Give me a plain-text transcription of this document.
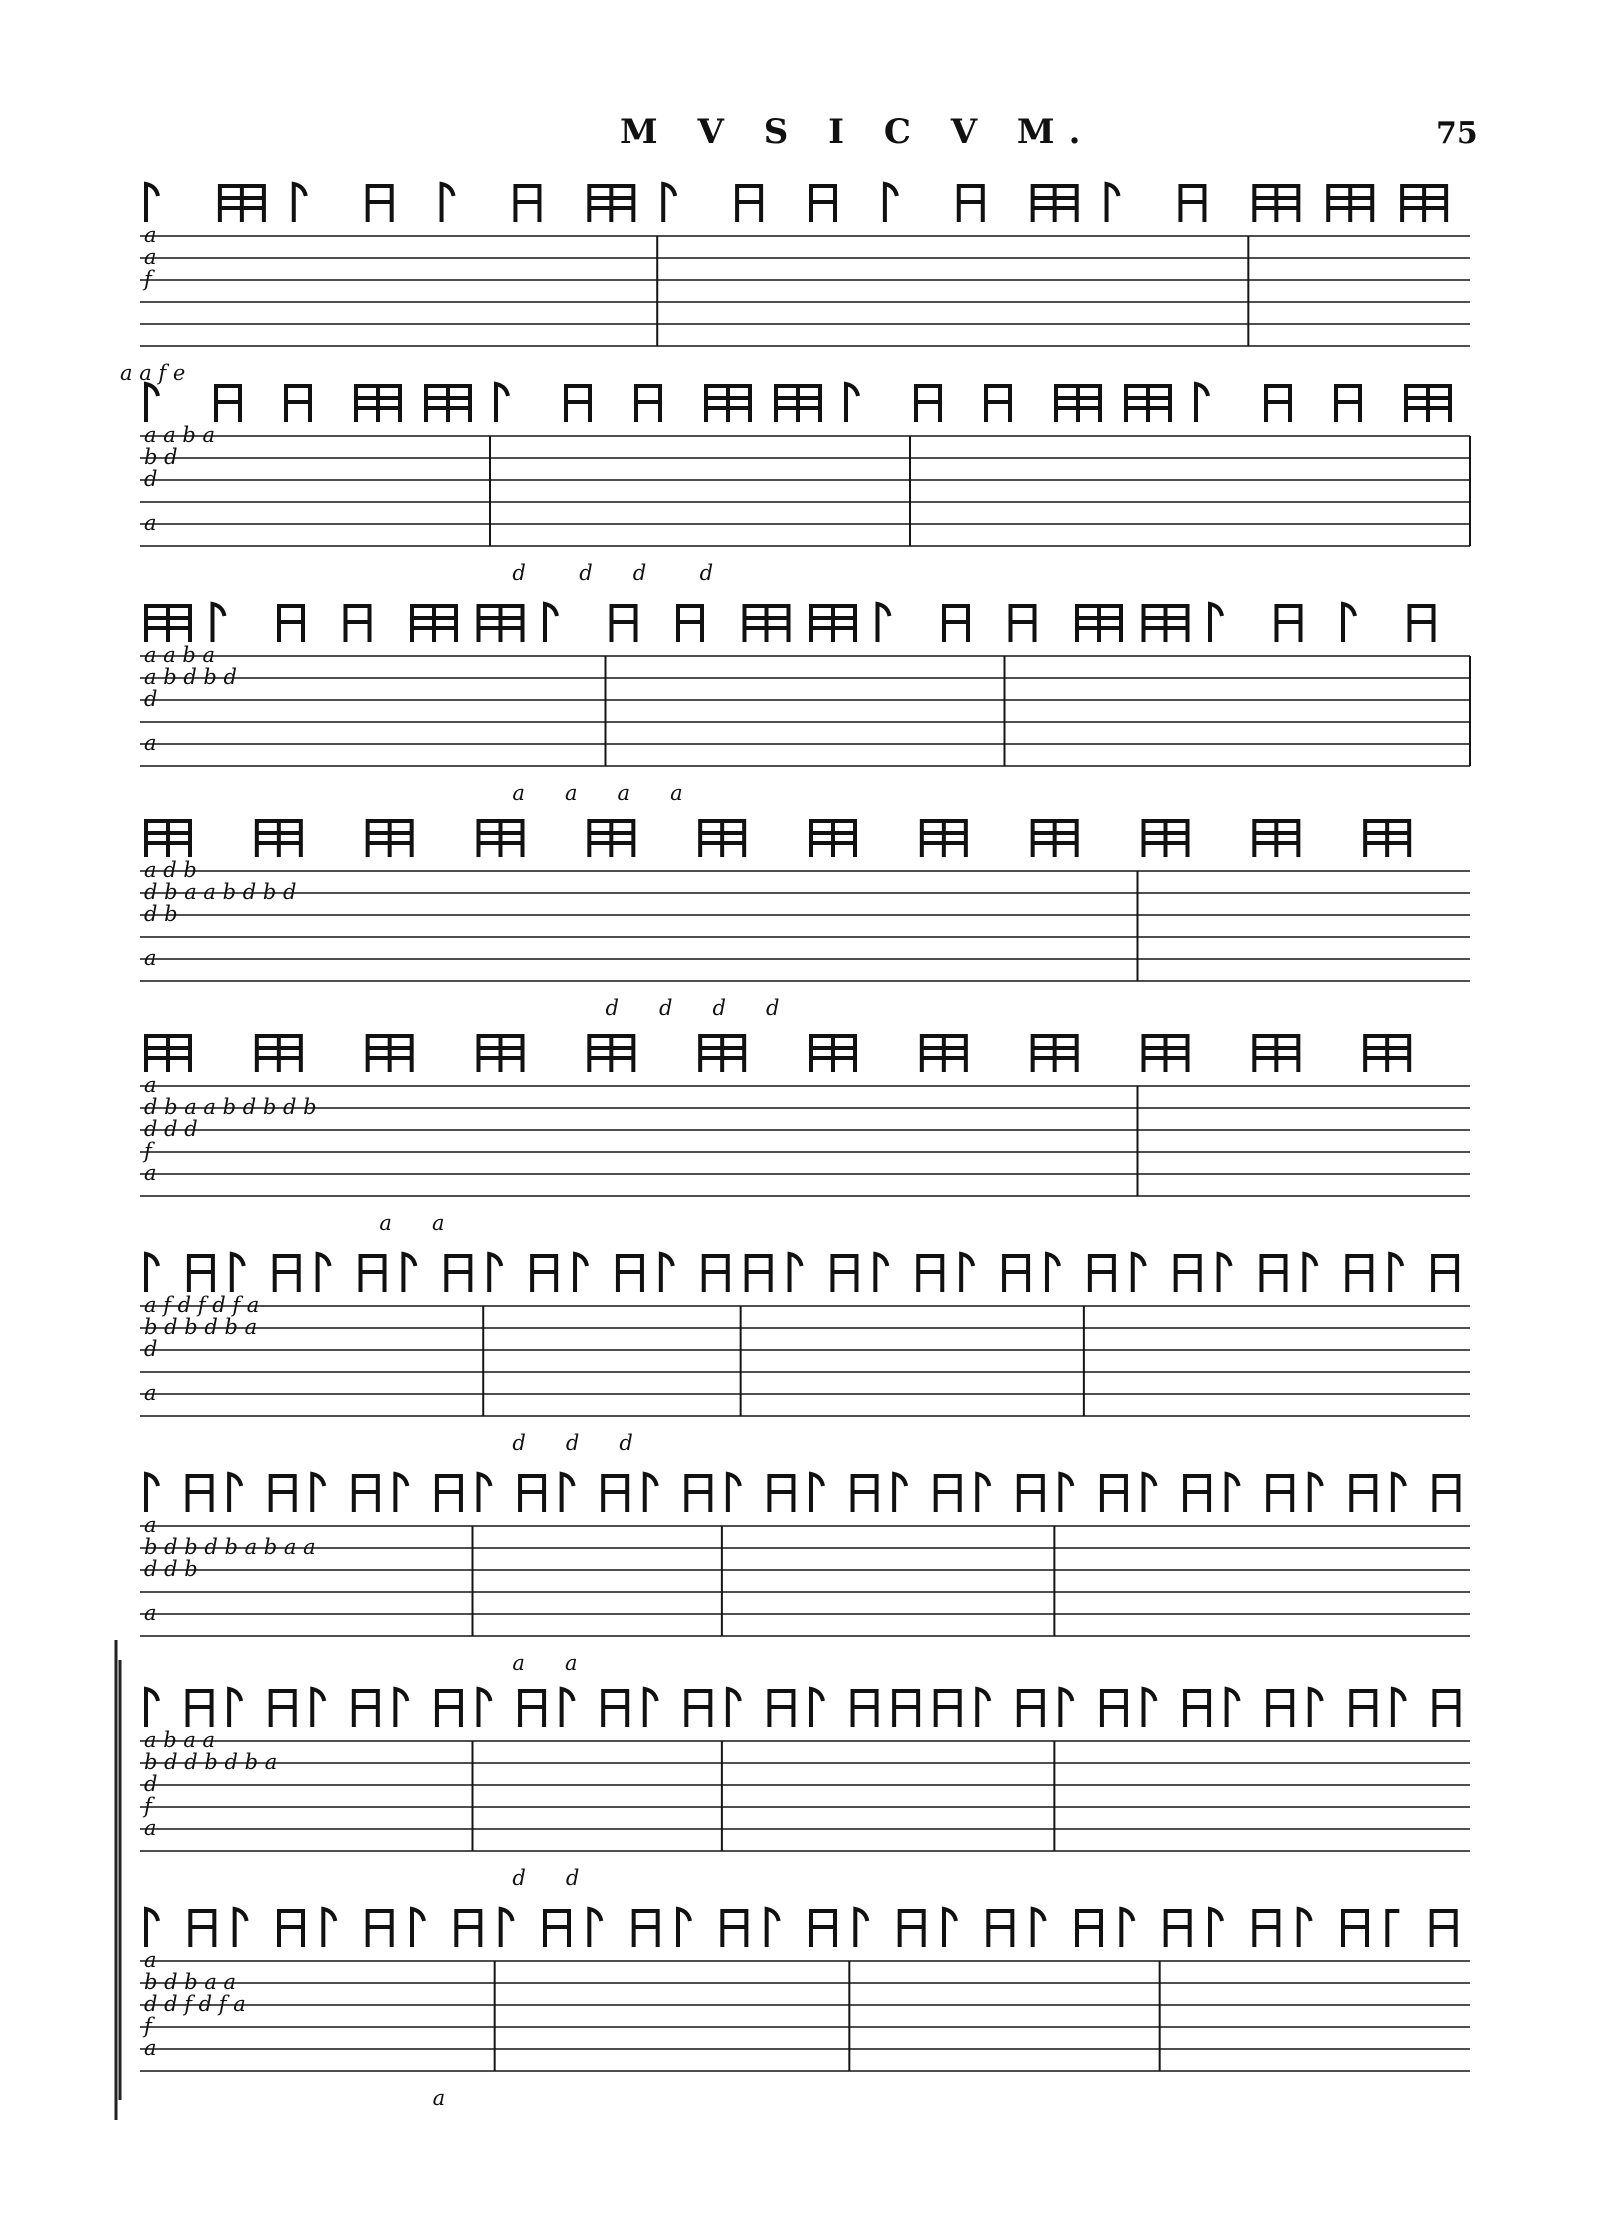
M V S I C V M.	75
a
a
f
a a f e
a a b a
b d
d
a
d        d      d        d
a a b a
a b d b d
d
a
a      a      a      a
a d b
d b a a b d b d
d b
a
d      d      d      d
a
d b a a b d b d b
d d d
f
a
a      a
a f d f d f a
b d b d b a
d
a
d      d      d
a
b d b d b a b a a
d d b
a
a      a
a b a a
b d d b d b a
d
f
a
d      d
a
b d b a a
d d f d f a
f
a
a
